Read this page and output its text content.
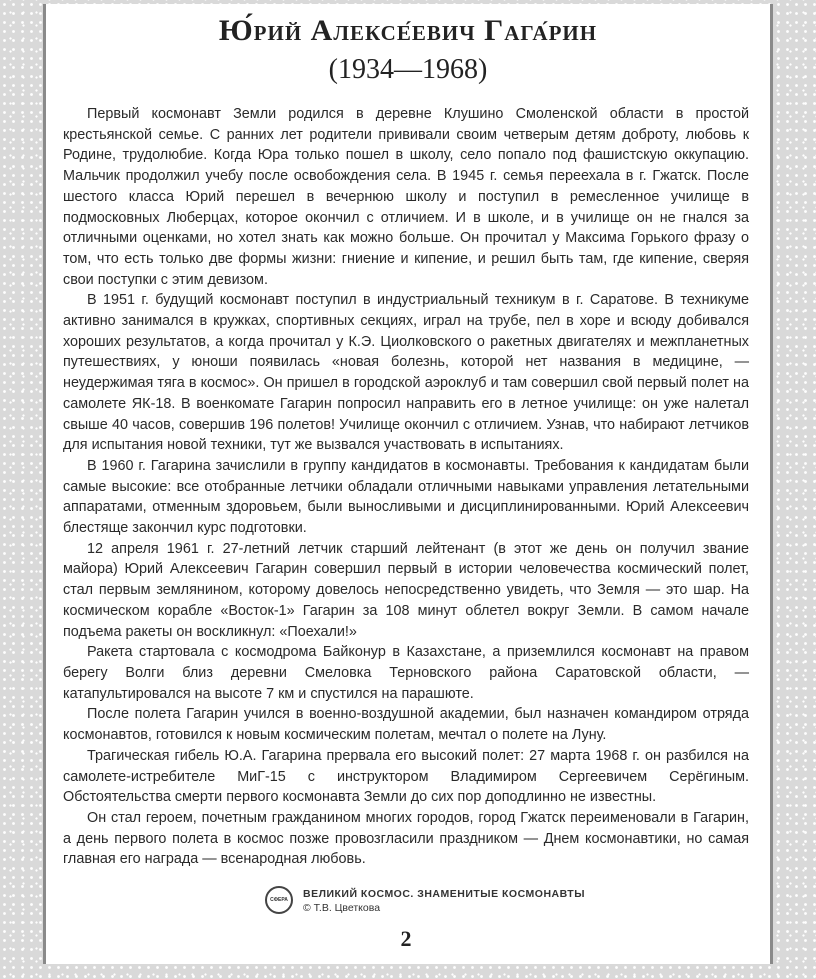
Ю́рий Алексе́евич Гага́рин
(1934—1968)

Первый космонавт Земли родился в деревне Клушино Смоленской области в простой крестьянской семье. С ранних лет родители прививали своим четверым детям доброту, любовь к Родине, трудолюбие. Когда Юра только пошел в школу, село попало под фашистскую оккупацию. Мальчик продолжил учебу после освобождения села. В 1945 г. семья переехала в г. Гжатск. После шестого класса Юрий перешел в вечернюю школу и поступил в ремесленное училище в подмосковных Люберцах, которое окончил с отличием. И в школе, и в училище он не гнался за отличными оценками, но хотел знать как можно больше. Он прочитал у Максима Горького фразу о том, что есть только две формы жизни: гниение и кипение, и решил быть там, где кипение, сверяя свои поступки с этим девизом.

В 1951 г. будущий космонавт поступил в индустриальный техникум в г. Саратове. В техникуме активно занимался в кружках, спортивных секциях, играл на трубе, пел в хоре и всюду добивался хороших результатов, а когда прочитал у К.Э. Циолковского о ракетных двигателях и межпланетных путешествиях, у юноши появилась «новая болезнь, которой нет названия в медицине, — неудержимая тяга в космос». Он пришел в городской аэроклуб и там совершил свой первый полет на самолете ЯК-18. В военкомате Гагарин попросил направить его в летное училище: он уже налетал свыше 40 часов, совершив 196 полетов! Училище окончил с отличием. Узнав, что набирают летчиков для испытания новой техники, тут же вызвался участвовать в испытаниях.

В 1960 г. Гагарина зачислили в группу кандидатов в космонавты. Требования к кандидатам были самые высокие: все отобранные летчики обладали отличными навыками управления летательными аппаратами, отменным здоровьем, были выносливыми и дисциплинированными. Юрий Алексеевич блестяще закончил курс подготовки.

12 апреля 1961 г. 27-летний летчик старший лейтенант (в этот же день он получил звание майора) Юрий Алексеевич Гагарин совершил первый в истории человечества космический полет, стал первым землянином, которому довелось непосредственно увидеть, что Земля — это шар. На космическом корабле «Восток-1» Гагарин за 108 минут облетел вокруг Земли. В самом начале подъема ракеты он воскликнул: «Поехали!»

Ракета стартовала с космодрома Байконур в Казахстане, а приземлился космонавт на правом берегу Волги близ деревни Смеловка Терновского района Саратовской области, — катапультировался на высоте 7 км и спустился на парашюте.

После полета Гагарин учился в военно-воздушной академии, был назначен командиром отряда космонавтов, готовился к новым космическим полетам, мечтал о полете на Луну.

Трагическая гибель Ю.А. Гагарина прервала его высокий полет: 27 марта 1968 г. он разбился на самолете-истребителе МиГ-15 с инструктором Владимиром Сергеевичем Серёгиным. Обстоятельства смерти первого космонавта Земли до сих пор доподлинно не известны.

Он стал героем, почетным гражданином многих городов, город Гжатск переименовали в Гагарин, а день первого полета в космос позже провозгласили праздником — Днем космонавтики, но самая главная его награда — всенародная любовь.

СФЕРА ВЕЛИКИЙ КОСМОС. ЗНАМЕНИТЫЕ КОСМОНАВТЫ
© Т.В. Цветкова
2
